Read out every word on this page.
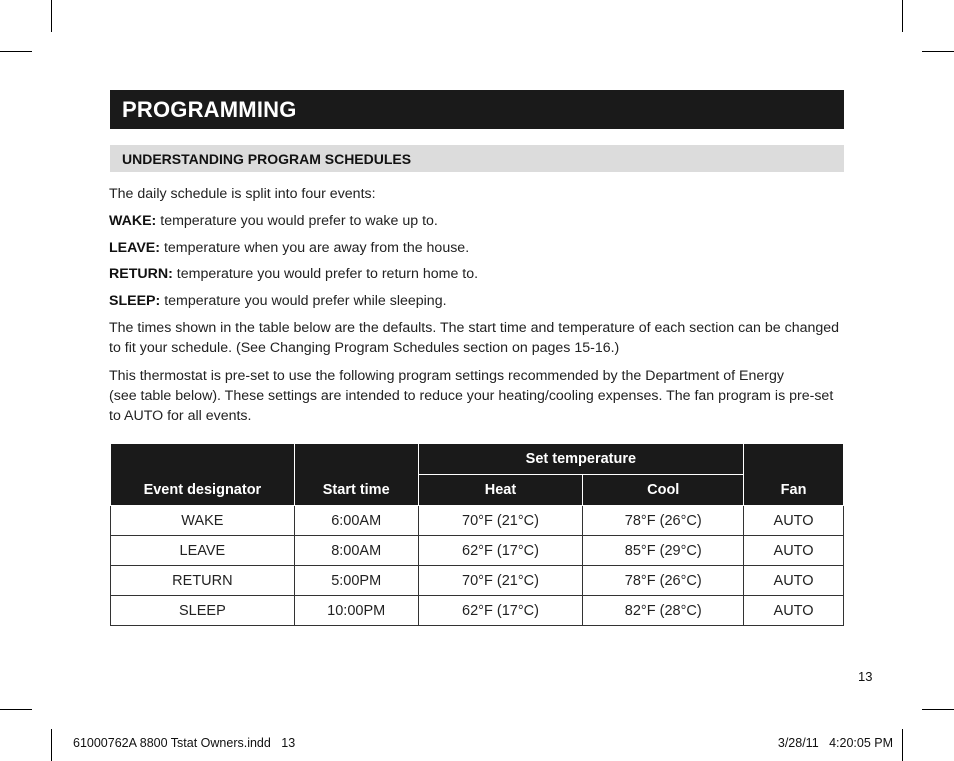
PROGRAMMING
UNDERSTANDING PROGRAM SCHEDULES
The daily schedule is split into four events:
WAKE: temperature you would prefer to wake up to.
LEAVE: temperature when you are away from the house.
RETURN: temperature you would prefer to return home to.
SLEEP: temperature you would prefer while sleeping.
The times shown in the table below are the defaults. The start time and temperature of each section can be changed
to fit your schedule. (See Changing Program Schedules section on pages 15-16.)
This thermostat is pre-set to use the following program settings recommended by the Department of Energy
(see table below). These settings are intended to reduce your heating/cooling expenses. The fan program is pre-set
to AUTO for all events.
Event designator	Start time	Set temperature		Fan
		Heat	Cool	
WAKE	6:00AM	70°F (21°C)	78°F (26°C)	AUTO
LEAVE	8:00AM	62°F (17°C)	85°F (29°C)	AUTO
RETURN	5:00PM	70°F (21°C)	78°F (26°C)	AUTO
SLEEP	10:00PM	62°F (17°C)	82°F (28°C)	AUTO
13
61000762A 8800 Tstat Owners.indd   13	3/28/11   4:20:05 PM
